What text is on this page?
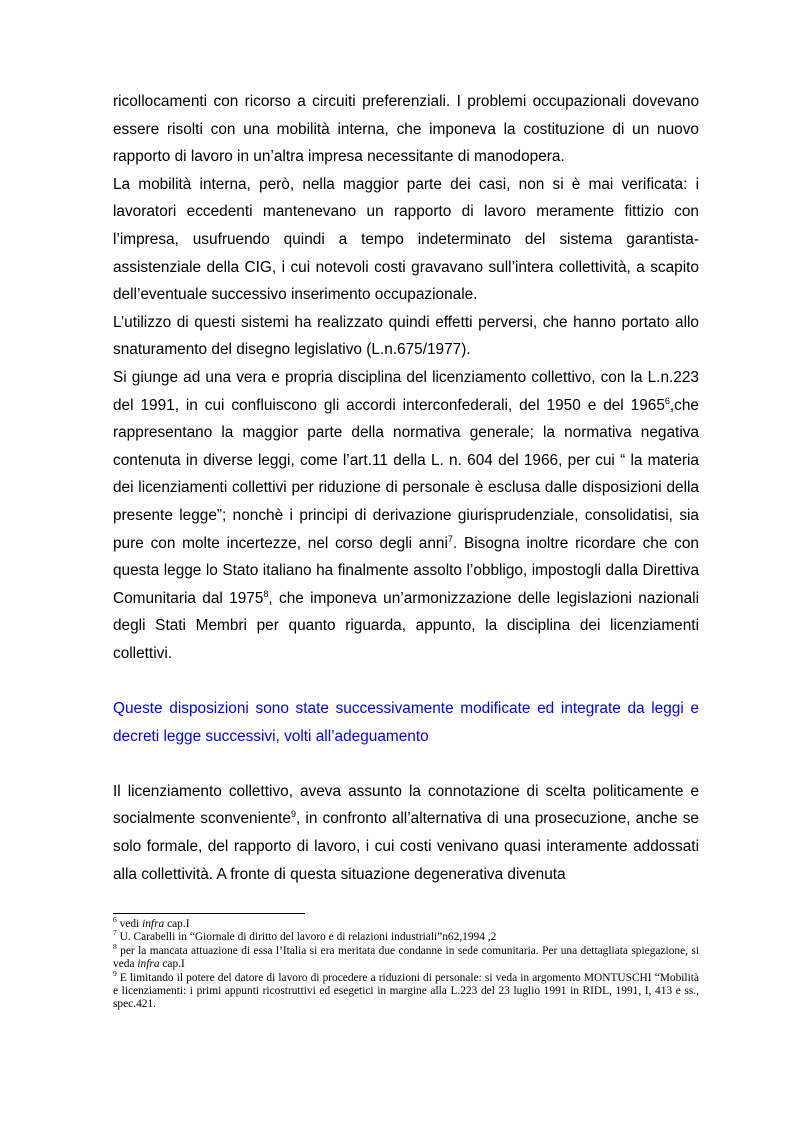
ricollocamenti con ricorso a circuiti preferenziali. I problemi occupazionali dovevano essere risolti con una mobilità interna, che imponeva la costituzione di un nuovo rapporto di lavoro in un’altra impresa necessitante di manodopera.

La mobilità interna, però, nella maggior parte dei casi, non si è mai verificata: i lavoratori eccedenti mantenevano un rapporto di lavoro meramente fittizio con l’impresa, usufruendo quindi a tempo indeterminato del sistema garantista-assistenziale della CIG, i cui notevoli costi gravavano sull’intera collettività, a scapito dell’eventuale successivo inserimento occupazionale.

L’utilizzo di questi sistemi ha realizzato quindi effetti perversi, che hanno portato allo snaturamento del disegno legislativo (L.n.675/1977).

Si giunge ad una vera e propria disciplina del licenziamento collettivo, con la L.n.223 del 1991, in cui confluiscono gli accordi interconfederali, del 1950 e del 1965$^6$,che rappresentano la maggior parte della normativa generale; la normativa negativa contenuta in diverse leggi, come l’art.11 della L. n. 604 del 1966, per cui “ la materia dei licenziamenti collettivi per riduzione di personale è esclusa dalle disposizioni della presente legge”; nonchè i principi di derivazione giurisprudenziale, consolidatisi, sia pure con molte incertezze, nel corso degli anni$^7$. Bisogna inoltre ricordare che con questa legge lo Stato italiano ha finalmente assolto l’obbligo, impostogli dalla Direttiva Comunitaria dal 1975$^8$, che imponeva un’armonizzazione delle legislazioni nazionali degli Stati Membri per quanto riguarda, appunto, la disciplina dei licenziamenti collettivi.

Queste disposizioni sono state successivamente modificate ed integrate da leggi e decreti legge successivi, volti all’adeguamento

Il licenziamento collettivo, aveva assunto la connotazione di scelta politicamente e socialmente sconveniente$^9$, in confronto all’alternativa di una prosecuzione, anche se solo formale, del rapporto di lavoro, i cui costi venivano quasi interamente addossati alla collettività. A fronte di questa situazione degenerativa divenuta

$^6$ vedi infra cap.I

$^7$ U. Carabelli in “Giornale di diritto del lavoro e di relazioni industriali”n62,1994 ,2

$^8$ per la mancata attuazione di essa l’Italia si era meritata due condanne in sede comunitaria. Per una dettagliata spiegazione, si veda infra cap.I

$^9$ E limitando il potere del datore di lavoro di procedere a riduzioni di personale: si veda in argomento MONTUSCHI “Mobilità e licenziamenti: i primi appunti ricostruttivi ed esegetici in margine alla L.223 del 23 luglio 1991 in RIDL, 1991, I, 413 e ss., spec.421.
